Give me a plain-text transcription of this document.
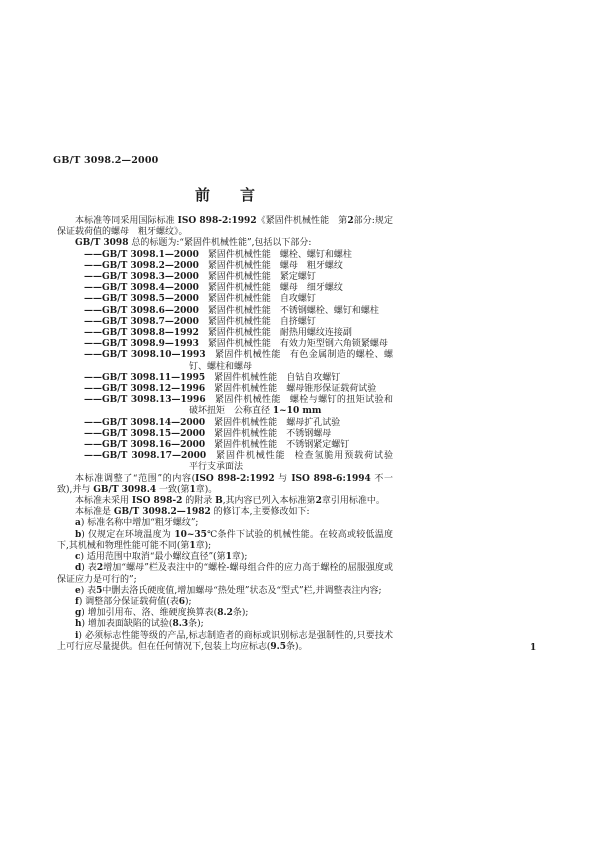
GB/T 3098.2—2000
前　　言

本标准等同采用国际标准 ISO 898-2:1992《紧固件机械性能　第2部分:规定保证载荷值的螺母　粗牙螺纹》。

GB/T 3098 总的标题为:“紧固件机械性能”,包括以下部分:

——GB/T 3098.1—2000 紧固件机械性能 螺栓、螺钉和螺柱
——GB/T 3098.2—2000 紧固件机械性能 螺母　粗牙螺纹
——GB/T 3098.3—2000 紧固件机械性能 紧定螺钉
——GB/T 3098.4—2000 紧固件机械性能 螺母　细牙螺纹
——GB/T 3098.5—2000 紧固件机械性能 自攻螺钉
——GB/T 3098.6—2000 紧固件机械性能 不锈钢螺栓、螺钉和螺柱
——GB/T 3098.7—2000 紧固件机械性能 自挤螺钉
——GB/T 3098.8—1992 紧固件机械性能 耐热用螺纹连接副
——GB/T 3098.9—1993 紧固件机械性能 有效力矩型钢六角锁紧螺母
——GB/T 3098.10—1993 紧固件机械性能 有色金属制造的螺栓、螺钉、螺柱和螺母
——GB/T 3098.11—1995 紧固件机械性能 自钻自攻螺钉
——GB/T 3098.12—1996 紧固件机械性能 螺母锥形保证载荷试验
——GB/T 3098.13—1996 紧固件机械性能 螺栓与螺钉的扭矩试验和破坏扭矩　公称直径 1~10 mm
——GB/T 3098.14—2000 紧固件机械性能 螺母扩孔试验
——GB/T 3098.15—2000 紧固件机械性能 不锈钢螺母
——GB/T 3098.16—2000 紧固件机械性能 不锈钢紧定螺钉
——GB/T 3098.17—2000 紧固件机械性能 检查氢脆用预载荷试验　平行支承面法

本标准调整了“范围”的内容(ISO 898-2:1992 与 ISO 898-6:1994 不一致),并与 GB/T 3098.4 一致(第1章)。

本标准未采用 ISO 898-2 的附录 B,其内容已列入本标准第2章引用标准中。

本标准是 GB/T 3098.2—1982 的修订本,主要修改如下:

a) 标准名称中增加“粗牙螺纹”;

b) 仅规定在环境温度为 10~35℃条件下试验的机械性能。在较高或较低温度下,其机械和物理性能可能不同(第1章);

c) 适用范围中取消“最小螺纹直径”(第1章);

d) 表2增加“螺母”栏及表注中的“螺栓-螺母组合件的应力高于螺栓的屈服强度或保证应力是可行的”;

e) 表5中删去洛氏硬度值,增加螺母“热处理”状态及“型式”栏,并调整表注内容;

f) 调整部分保证载荷值(表6);

g) 增加引用布、洛、维硬度换算表(8.2条);

h) 增加表面缺陷的试验(8.3条);

i) 必须标志性能等级的产品,标志制造者的商标或识别标志是强制性的,只要技术上可行应尽量提供。但在任何情况下,包装上均应标志(9.5条)。	1
